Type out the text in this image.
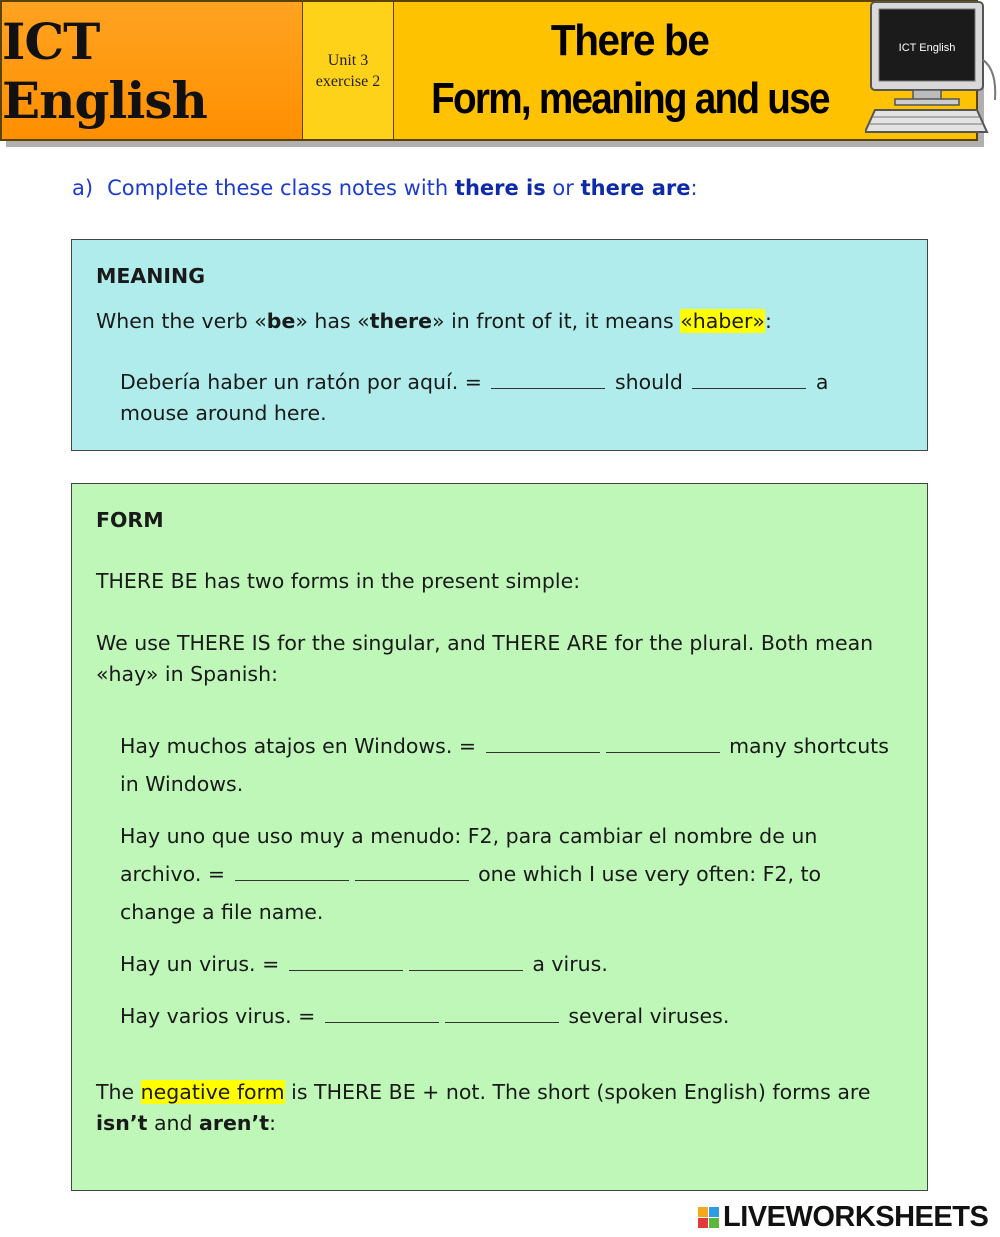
ICT English
Unit 3
exercise 2
There be
Form, meaning and use
ICT English
a) Complete these class notes with there is or there are:
MEANING
When the verb «be» has «there» in front of it, it means «haber»:
Debería haber un ratón por aquí. =	should	a mouse around here.
FORM
THERE BE has two forms in the present simple:
We use THERE IS for the singular, and THERE ARE for the plural. Both mean «hay» in Spanish:
Hay muchos atajos en Windows. =	many shortcuts in Windows.
Hay uno que uso muy a menudo: F2, para cambiar el nombre de un archivo. =	one which I use very often: F2, to change a file name.
Hay un virus. =	a virus.
Hay varios virus. =	several viruses.
The negative form is THERE BE + not. The short (spoken English) forms are isn’t and aren’t:
LIVEWORKSHEETS
